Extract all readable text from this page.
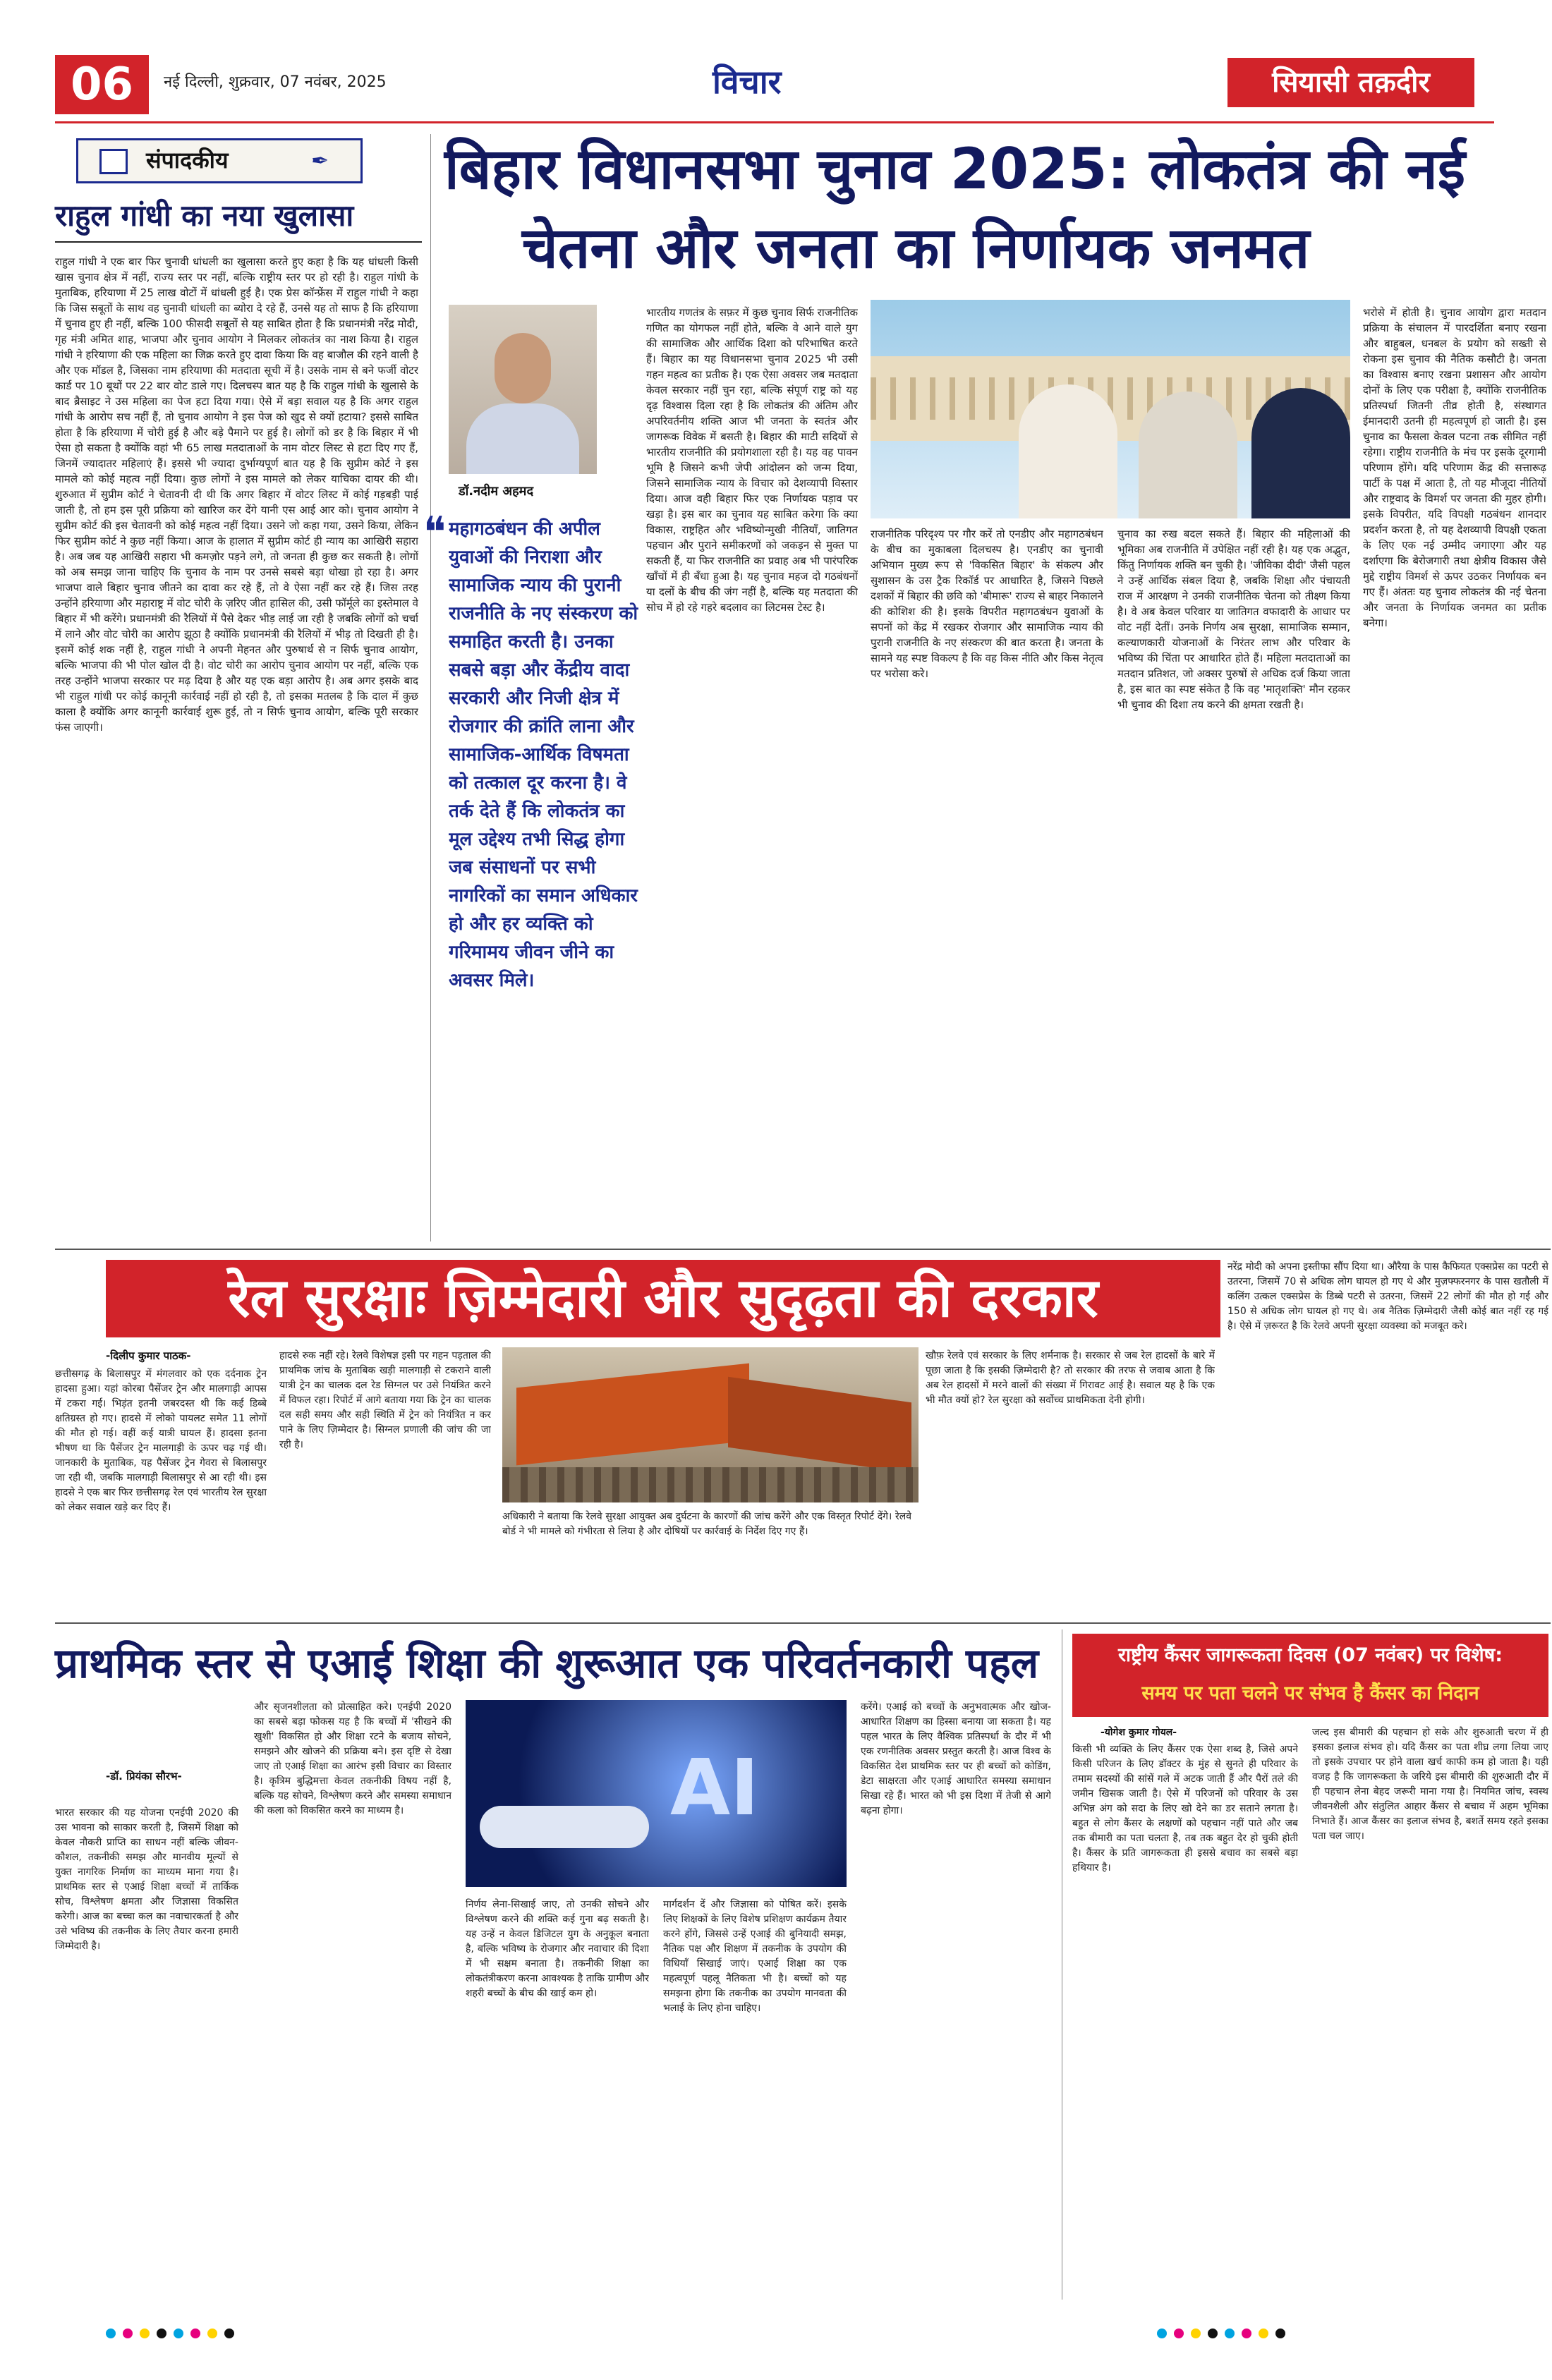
06	नई दिल्ली, शुक्रवार, 07 नवंबर, 2025	विचार	सियासी तक़दीर
संपादकीय	✒
राहुल गांधी का नया खुलासा
राहुल गांधी ने एक बार फिर चुनावी धांधली का खुलासा करते हुए कहा है कि यह धांधली किसी खास चुनाव क्षेत्र में नहीं, राज्य स्तर पर नहीं, बल्कि राष्ट्रीय स्तर पर हो रही है। राहुल गांधी के मुताबिक, हरियाणा में 25 लाख वोटों में धांधली हुई है। एक प्रेस कॉन्फ्रेंस में राहुल गांधी ने कहा कि जिस सबूतों के साथ वह चुनावी धांधली का ब्योरा दे रहे हैं, उनसे यह तो साफ है कि हरियाणा में चुनाव हुए ही नहीं, बल्कि 100 फीसदी सबूतों से यह साबित होता है कि प्रधानमंत्री नरेंद्र मोदी, गृह मंत्री अमित शाह, भाजपा और चुनाव आयोग ने मिलकर लोकतंत्र का नाश किया है। राहुल गांधी ने हरियाणा की एक महिला का जिक्र करते हुए दावा किया कि वह बाजौल की रहने वाली है और एक मॉडल है, जिसका नाम हरियाणा की मतदाता सूची में है। उसके नाम से बने फर्जी वोटर कार्ड पर 10 बूथों पर 22 बार वोट डाले गए। दिलचस्प बात यह है कि राहुल गांधी के खुलासे के बाद ब्रैसाइट ने उस महिला का पेज हटा दिया गया। ऐसे में बड़ा सवाल यह है कि अगर राहुल गांधी के आरोप सच नहीं हैं, तो चुनाव आयोग ने इस पेज को खुद से क्यों हटाया? इससे साबित होता है कि हरियाणा में चोरी हुई है और बड़े पैमाने पर हुई है। लोगों को डर है कि बिहार में भी ऐसा हो सकता है क्योंकि वहां भी 65 लाख मतदाताओं के नाम वोटर लिस्ट से हटा दिए गए हैं, जिनमें ज्यादातर महिलाएं हैं। इससे भी ज्यादा दुर्भाग्यपूर्ण बात यह है कि सुप्रीम कोर्ट ने इस मामले को कोई महत्व नहीं दिया। कुछ लोगों ने इस मामले को लेकर याचिका दायर की थी। शुरुआत में सुप्रीम कोर्ट ने चेतावनी दी थी कि अगर बिहार में वोटर लिस्ट में कोई गड़बड़ी पाई जाती है, तो हम इस पूरी प्रक्रिया को खारिज कर देंगे यानी एस आई आर को। चुनाव आयोग ने सुप्रीम कोर्ट की इस चेतावनी को कोई महत्व नहीं दिया। उसने जो कहा गया, उसने किया, लेकिन फिर सुप्रीम कोर्ट ने कुछ नहीं किया। आज के हालात में सुप्रीम कोर्ट ही न्याय का आखिरी सहारा है। अब जब यह आखिरी सहारा भी कमज़ोर पड़ने लगे, तो जनता ही कुछ कर सकती है। लोगों को अब समझ जाना चाहिए कि चुनाव के नाम पर उनसे सबसे बड़ा धोखा हो रहा है। अगर भाजपा वाले बिहार चुनाव जीतने का दावा कर रहे हैं, तो वे ऐसा नहीं कर रहे हैं। जिस तरह उन्होंने हरियाणा और महाराष्ट्र में वोट चोरी के ज़रिए जीत हासिल की, उसी फॉर्मूले का इस्तेमाल वे बिहार में भी करेंगे। प्रधानमंत्री की रैलियों में पैसे देकर भीड़ लाई जा रही है जबकि लोगों को चर्चा में लाने और वोट चोरी का आरोप झूठा है क्योंकि प्रधानमंत्री की रैलियों में भीड़ तो दिखती ही है। इसमें कोई शक नहीं है, राहुल गांधी ने अपनी मेहनत और पुरुषार्थ से न सिर्फ चुनाव आयोग, बल्कि भाजपा की भी पोल खोल दी है। वोट चोरी का आरोप चुनाव आयोग पर नहीं, बल्कि एक तरह उन्होंने भाजपा सरकार पर मढ़ दिया है और यह एक बड़ा आरोप है। अब अगर इसके बाद भी राहुल गांधी पर कोई कानूनी कार्रवाई नहीं हो रही है, तो इसका मतलब है कि दाल में कुछ काला है क्योंकि अगर कानूनी कार्रवाई शुरू हुई, तो न सिर्फ चुनाव आयोग, बल्कि पूरी सरकार फंस जाएगी।
बिहार विधानसभा चुनाव 2025: लोकतंत्र की नई
चेतना और जनता का निर्णायक जनमत
डॉ.नदीम अहमद
❝ महागठबंधन की अपील युवाओं की निराशा और सामाजिक न्याय की पुरानी राजनीति के नए संस्करण को समाहित करती है। उनका सबसे बड़ा और केंद्रीय वादा सरकारी और निजी क्षेत्र में रोजगार की क्रांति लाना और सामाजिक-आर्थिक विषमता को तत्काल दूर करना है। वे तर्क देते हैं कि लोकतंत्र का मूल उद्देश्य तभी सिद्ध होगा जब संसाधनों पर सभी नागरिकों का समान अधिकार हो और हर व्यक्ति को गरिमामय जीवन जीने का अवसर मिले।
भारतीय गणतंत्र के सफ़र में कुछ चुनाव सिर्फ राजनीतिक गणित का योगफल नहीं होते, बल्कि वे आने वाले युग की सामाजिक और आर्थिक दिशा को परिभाषित करते हैं। बिहार का यह विधानसभा चुनाव 2025 भी उसी गहन महत्व का प्रतीक है। एक ऐसा अवसर जब मतदाता केवल सरकार नहीं चुन रहा, बल्कि संपूर्ण राष्ट्र को यह दृढ़ विश्वास दिला रहा है कि लोकतंत्र की अंतिम और अपरिवर्तनीय शक्ति आज भी जनता के स्वतंत्र और जागरूक विवेक में बसती है। बिहार की माटी सदियों से भारतीय राजनीति की प्रयोगशाला रही है। यह वह पावन भूमि है जिसने कभी जेपी आंदोलन को जन्म दिया, जिसने सामाजिक न्याय के विचार को देशव्यापी विस्तार दिया। आज वही बिहार फिर एक निर्णायक पड़ाव पर खड़ा है। इस बार का चुनाव यह साबित करेगा कि क्या विकास, राष्ट्रहित और भविष्योन्मुखी नीतियाँ, जातिगत पहचान और पुराने समीकरणों को जकड़न से मुक्त पा सकती हैं, या फिर राजनीति का प्रवाह अब भी पारंपरिक खाँचों में ही बँधा हुआ है। यह चुनाव महज दो गठबंधनों या दलों के बीच की जंग नहीं है, बल्कि यह मतदाता की सोच में हो रहे गहरे बदलाव का लिटमस टेस्ट है।
राजनीतिक परिदृश्य पर गौर करें तो एनडीए और महागठबंधन के बीच का मुकाबला दिलचस्प है। एनडीए का चुनावी अभियान मुख्य रूप से 'विकसित बिहार' के संकल्प और सुशासन के उस ट्रैक रिकॉर्ड पर आधारित है, जिसने पिछले दशकों में बिहार की छवि को 'बीमारू' राज्य से बाहर निकालने की कोशिश की है। इसके विपरीत महागठबंधन युवाओं के सपनों को केंद्र में रखकर रोजगार और सामाजिक न्याय की पुरानी राजनीति के नए संस्करण की बात करता है। जनता के सामने यह स्पष्ट विकल्प है कि वह किस नीति और किस नेतृत्व पर भरोसा करे।
चुनाव का रुख बदल सकते हैं। बिहार की महिलाओं की भूमिका अब राजनीति में उपेक्षित नहीं रही है। यह एक अद्भुत, किंतु निर्णायक शक्ति बन चुकी है। 'जीविका दीदी' जैसी पहल ने उन्हें आर्थिक संबल दिया है, जबकि शिक्षा और पंचायती राज में आरक्षण ने उनकी राजनीतिक चेतना को तीक्ष्ण किया है। वे अब केवल परिवार या जातिगत वफादारी के आधार पर वोट नहीं देतीं। उनके निर्णय अब सुरक्षा, सामाजिक सम्मान, कल्याणकारी योजनाओं के निरंतर लाभ और परिवार के भविष्य की चिंता पर आधारित होते हैं। महिला मतदाताओं का मतदान प्रतिशत, जो अक्सर पुरुषों से अधिक दर्ज किया जाता है, इस बात का स्पष्ट संकेत है कि वह 'मातृशक्ति' मौन रहकर भी चुनाव की दिशा तय करने की क्षमता रखती है।
भरोसे में होती है। चुनाव आयोग द्वारा मतदान प्रक्रिया के संचालन में पारदर्शिता बनाए रखना और बाहुबल, धनबल के प्रयोग को सख्ती से रोकना इस चुनाव की नैतिक कसौटी है। जनता का विश्वास बनाए रखना प्रशासन और आयोग दोनों के लिए एक परीक्षा है, क्योंकि राजनीतिक प्रतिस्पर्धा जितनी तीव्र होती है, संस्थागत ईमानदारी उतनी ही महत्वपूर्ण हो जाती है। इस चुनाव का फैसला केवल पटना तक सीमित नहीं रहेगा। राष्ट्रीय राजनीति के मंच पर इसके दूरगामी परिणाम होंगे। यदि परिणाम केंद्र की सत्तारूढ़ पार्टी के पक्ष में आता है, तो यह मौजूदा नीतियों और राष्ट्रवाद के विमर्श पर जनता की मुहर होगी। इसके विपरीत, यदि विपक्षी गठबंधन शानदार प्रदर्शन करता है, तो यह देशव्यापी विपक्षी एकता के लिए एक नई उम्मीद जगाएगा और यह दर्शाएगा कि बेरोजगारी तथा क्षेत्रीय विकास जैसे मुद्दे राष्ट्रीय विमर्श से ऊपर उठकर निर्णायक बन गए हैं। अंततः यह चुनाव लोकतंत्र की नई चेतना और जनता के निर्णायक जनमत का प्रतीक बनेगा।
रेल सुरक्षाः ज़िम्मेदारी और सुदृढ़ता की दरकार
-दिलीप कुमार पाठक-
छत्तीसगढ़ के बिलासपुर में मंगलवार को एक दर्दनाक ट्रेन हादसा हुआ। यहां कोरबा पैसेंजर ट्रेन और मालगाड़ी आपस में टकरा गई। भिड़ंत इतनी जबरदस्त थी कि कई डिब्बे क्षतिग्रस्त हो गए। हादसे में लोको पायलट समेत 11 लोगों की मौत हो गई। वहीं कई यात्री घायल हैं। हादसा इतना भीषण था कि पैसेंजर ट्रेन मालगाड़ी के ऊपर चढ़ गई थी। जानकारी के मुताबिक, यह पैसेंजर ट्रेन गेवरा से बिलासपुर जा रही थी, जबकि मालगाड़ी बिलासपुर से आ रही थी। इस हादसे ने एक बार फिर छत्तीसगढ़ रेल एवं भारतीय रेल सुरक्षा को लेकर सवाल खड़े कर दिए हैं।
हादसे रुक नहीं रहे। रेलवे विशेषज्ञ इसी पर गहन पड़ताल की प्राथमिक जांच के मुताबिक खड़ी मालगाड़ी से टकराने वाली यात्री ट्रेन का चालक दल रेड सिग्नल पर उसे नियंत्रित करने में विफल रहा। रिपोर्ट में आगे बताया गया कि ट्रेन का चालक दल सही समय और सही स्थिति में ट्रेन को नियंत्रित न कर पाने के लिए ज़िम्मेदार है। सिग्नल प्रणाली की जांच की जा रही है।
अधिकारी ने बताया कि रेलवे सुरक्षा आयुक्त अब दुर्घटना के कारणों की जांच करेंगे और एक विस्तृत रिपोर्ट देंगे। रेलवे बोर्ड ने भी मामले को गंभीरता से लिया है और दोषियों पर कार्रवाई के निर्देश दिए गए हैं।
खौफ़ रेलवे एवं सरकार के लिए शर्मनाक है। सरकार से जब रेल हादसों के बारे में पूछा जाता है कि इसकी ज़िम्मेदारी है? तो सरकार की तरफ से जवाब आता है कि अब रेल हादसों में मरने वालों की संख्या में गिरावट आई है। सवाल यह है कि एक भी मौत क्यों हो? रेल सुरक्षा को सर्वोच्च प्राथमिकता देनी होगी।
नरेंद्र मोदी को अपना इस्तीफा सौंप दिया था। औरैया के पास कैफियत एक्सप्रेस का पटरी से उतरना, जिसमें 70 से अधिक लोग घायल हो गए थे और मुज़फ्फरनगर के पास खतौली में कलिंग उत्कल एक्सप्रेस के डिब्बे पटरी से उतरना, जिसमें 22 लोगों की मौत हो गई और 150 से अधिक लोग घायल हो गए थे। अब नैतिक ज़िम्मेदारी जैसी कोई बात नहीं रह गई है। ऐसे में ज़रूरत है कि रेलवे अपनी सुरक्षा व्यवस्था को मजबूत करे।
प्राथमिक स्तर से एआई शिक्षा की शुरूआत एक परिवर्तनकारी पहल
-डॉ. प्रियंका सौरभ-
भारत सरकार की यह योजना एनईपी 2020 की उस भावना को साकार करती है, जिसमें शिक्षा को केवल नौकरी प्राप्ति का साधन नहीं बल्कि जीवन-कौशल, तकनीकी समझ और मानवीय मूल्यों से युक्त नागरिक निर्माण का माध्यम माना गया है। प्राथमिक स्तर से एआई शिक्षा बच्चों में तार्किक सोच, विश्लेषण क्षमता और जिज्ञासा विकसित करेगी। आज का बच्चा कल का नवाचारकर्ता है और उसे भविष्य की तकनीक के लिए तैयार करना हमारी जिम्मेदारी है।
और सृजनशीलता को प्रोत्साहित करे। एनईपी 2020 का सबसे बड़ा फोकस यह है कि बच्चों में 'सीखने की खुशी' विकसित हो और शिक्षा रटने के बजाय सोचने, समझने और खोजने की प्रक्रिया बने। इस दृष्टि से देखा जाए तो एआई शिक्षा का आरंभ इसी विचार का विस्तार है। कृत्रिम बुद्धिमत्ता केवल तकनीकी विषय नहीं है, बल्कि यह सोचने, विश्लेषण करने और समस्या समाधान की कला को विकसित करने का माध्यम है।	AI
निर्णय लेना-सिखाई जाए, तो उनकी सोचने और विश्लेषण करने की शक्ति कई गुना बढ़ सकती है। यह उन्हें न केवल डिजिटल युग के अनुकूल बनाता है, बल्कि भविष्य के रोजगार और नवाचार की दिशा में भी सक्षम बनाता है। तकनीकी शिक्षा का लोकतंत्रीकरण करना आवश्यक है ताकि ग्रामीण और शहरी बच्चों के बीच की खाई कम हो।
मार्गदर्शन दें और जिज्ञासा को पोषित करें। इसके लिए शिक्षकों के लिए विशेष प्रशिक्षण कार्यक्रम तैयार करने होंगे, जिससे उन्हें एआई की बुनियादी समझ, नैतिक पक्ष और शिक्षण में तकनीक के उपयोग की विधियाँ सिखाई जाएं। एआई शिक्षा का एक महत्वपूर्ण पहलू नैतिकता भी है। बच्चों को यह समझना होगा कि तकनीक का उपयोग मानवता की भलाई के लिए होना चाहिए।
करेंगे। एआई को बच्चों के अनुभवात्मक और खोज-आधारित शिक्षण का हिस्सा बनाया जा सकता है। यह पहल भारत के लिए वैश्विक प्रतिस्पर्धा के दौर में भी एक रणनीतिक अवसर प्रस्तुत करती है। आज विश्व के विकसित देश प्राथमिक स्तर पर ही बच्चों को कोडिंग, डेटा साक्षरता और एआई आधारित समस्या समाधान सिखा रहे हैं। भारत को भी इस दिशा में तेजी से आगे बढ़ना होगा।
राष्ट्रीय कैंसर जागरूकता दिवस (07 नवंबर) पर विशेष:
समय पर पता चलने पर संभव है कैंसर का निदान
-योगेश कुमार गोयल-
किसी भी व्यक्ति के लिए कैंसर एक ऐसा शब्द है, जिसे अपने किसी परिजन के लिए डॉक्टर के मुंह से सुनते ही परिवार के तमाम सदस्यों की सांसें गले में अटक जाती हैं और पैरों तले की जमीन खिसक जाती है। ऐसे में परिजनों को परिवार के उस अभिन्न अंग को सदा के लिए खो देने का डर सताने लगता है। बहुत से लोग कैंसर के लक्षणों को पहचान नहीं पाते और जब तक बीमारी का पता चलता है, तब तक बहुत देर हो चुकी होती है। कैंसर के प्रति जागरूकता ही इससे बचाव का सबसे बड़ा हथियार है।
जल्द इस बीमारी की पहचान हो सके और शुरुआती चरण में ही इसका इलाज संभव हो। यदि कैंसर का पता शीघ्र लगा लिया जाए तो इसके उपचार पर होने वाला खर्च काफी कम हो जाता है। यही वजह है कि जागरूकता के जरिये इस बीमारी की शुरुआती दौर में ही पहचान लेना बेहद जरूरी माना गया है। नियमित जांच, स्वस्थ जीवनशैली और संतुलित आहार कैंसर से बचाव में अहम भूमिका निभाते हैं। आज कैंसर का इलाज संभव है, बशर्ते समय रहते इसका पता चल जाए।
